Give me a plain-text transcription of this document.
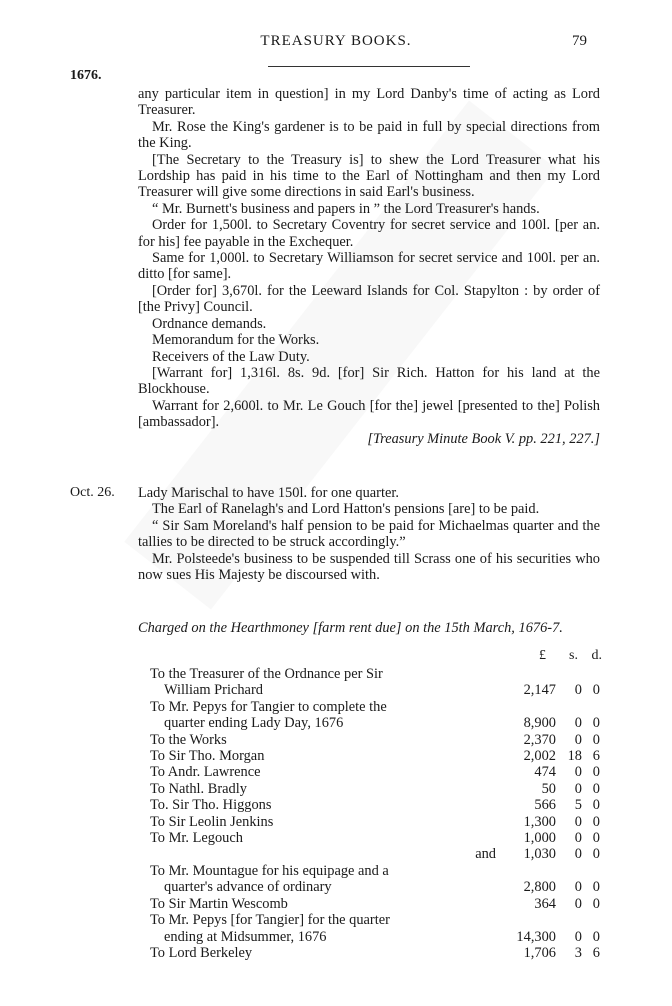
TREASURY BOOKS.	79
1676.

any particular item in question] in my Lord Danby's time of acting as Lord Treasurer.

Mr. Rose the King's gardener is to be paid in full by special directions from the King.

[The Secretary to the Treasury is] to shew the Lord Treasurer what his Lordship has paid in his time to the Earl of Nottingham and then my Lord Treasurer will give some directions in said Earl's business.

“ Mr. Burnett's business and papers in ” the Lord Treasurer's hands.

Order for 1,500l. to Secretary Coventry for secret service and 100l. [per an. for his] fee payable in the Exchequer.

Same for 1,000l. to Secretary Williamson for secret service and 100l. per an. ditto [for same].

[Order for] 3,670l. for the Leeward Islands for Col. Stapylton : by order of [the Privy] Council.

Ordnance demands.

Memorandum for the Works.

Receivers of the Law Duty.

[Warrant for] 1,316l. 8s. 9d. [for] Sir Rich. Hatton for his land at the Blockhouse.

Warrant for 2,600l. to Mr. Le Gouch [for the] jewel [presented to the] Polish [ambassador].

[Treasury Minute Book V. pp. 221, 227.]

Oct. 26. Lady Marischal to have 150l. for one quarter.

The Earl of Ranelagh's and Lord Hatton's pensions [are] to be paid.

“ Sir Sam Moreland's half pension to be paid for Michaelmas quarter and the tallies to be directed to be struck accordingly.”

Mr. Polsteede's business to be suspended till Scrass one of his securities who now sues His Majesty be discoursed with.

Charged on the Hearthmoney [farm rent due] on the 15th March, 1676-7.
£ s. d.
To the Treasurer of the Ordnance per Sir
William Prichard	2,147 0 0
To Mr. Pepys for Tangier to complete the
quarter ending Lady Day, 1676	8,900 0 0
To the Works	2,370 0 0
To Sir Tho. Morgan	2,002 18 6
To Andr. Lawrence	474 0 0
To Nathl. Bradly	50 0 0
To. Sir Tho. Higgons	566 5 0
To Sir Leolin Jenkins	1,300 0 0
To Mr. Legouch	1,000 0 0
and 1,030 0 0
To Mr. Mountague for his equipage and a
quarter's advance of ordinary	2,800 0 0
To Sir Martin Wescomb	364 0 0
To Mr. Pepys [for Tangier] for the quarter
ending at Midsummer, 1676	14,300 0 0
To Lord Berkeley	1,706 3 6
